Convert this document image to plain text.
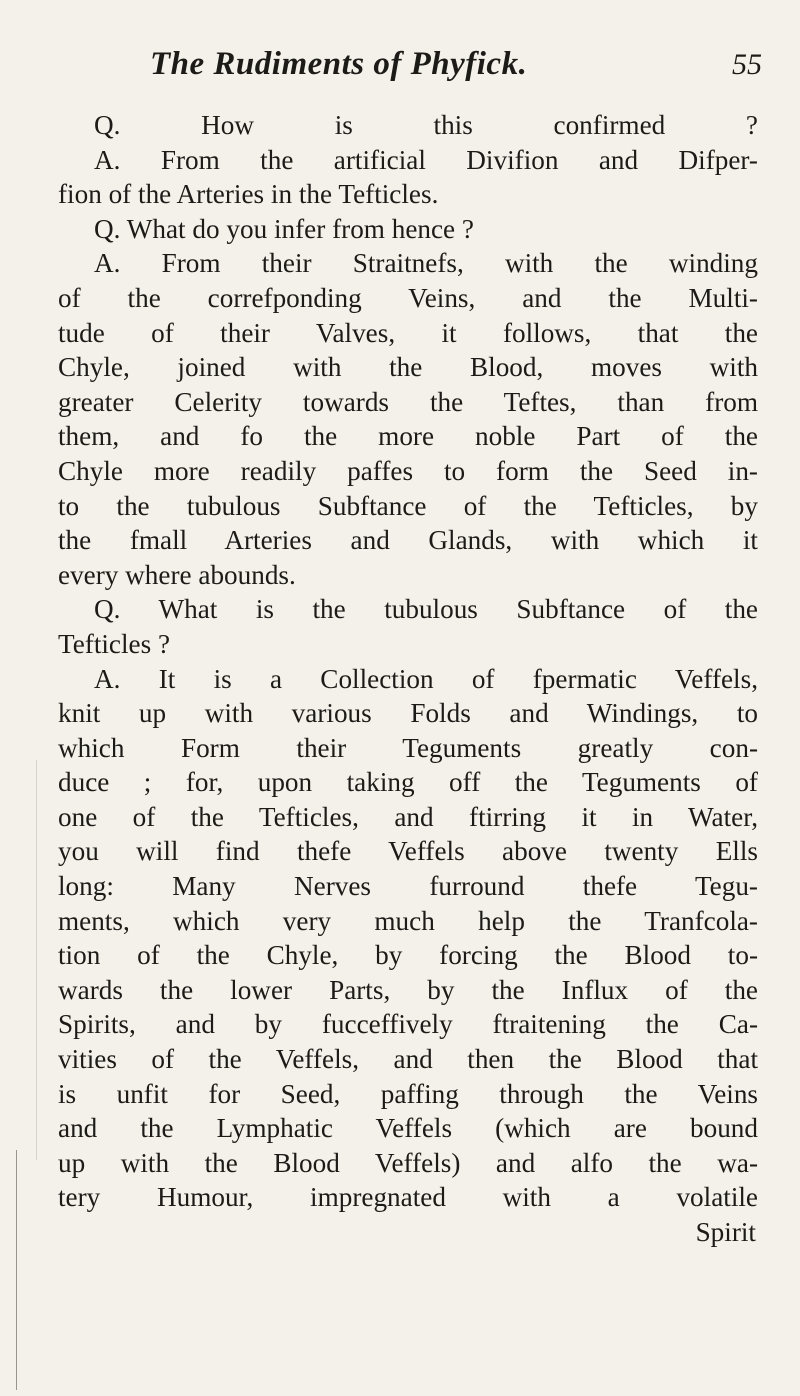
The Rudiments of Phyfick.	55
Q. How is this confirmed ?
A. From the artificial Divifion and Difper-
fion of the Arteries in the Tefticles.
Q. What do you infer from hence ?
A. From their Straitnefs, with the winding
of the correfponding Veins, and the Multi-
tude of their Valves, it follows, that the
Chyle, joined with the Blood, moves with
greater Celerity towards the Teftes, than from
them, and fo the more noble Part of the
Chyle more readily paffes to form the Seed in-
to the tubulous Subftance of the Tefticles, by
the fmall Arteries and Glands, with which it
every where abounds.
Q. What is the tubulous Subftance of the
Tefticles ?
A. It is a Collection of fpermatic Veffels,
knit up with various Folds and Windings, to
which Form their Teguments greatly con-
duce ; for, upon taking off the Teguments of
one of the Tefticles, and ftirring it in Water,
you will find thefe Veffels above twenty Ells
long: Many Nerves furround thefe Tegu-
ments, which very much help the Tranfcola-
tion of the Chyle, by forcing the Blood to-
wards the lower Parts, by the Influx of the
Spirits, and by fucceffively ftraitening the Ca-
vities of the Veffels, and then the Blood that
is unfit for Seed, paffing through the Veins
and the Lymphatic Veffels (which are bound
up with the Blood Veffels) and alfo the wa-
tery Humour, impregnated with a volatile
Spirit
